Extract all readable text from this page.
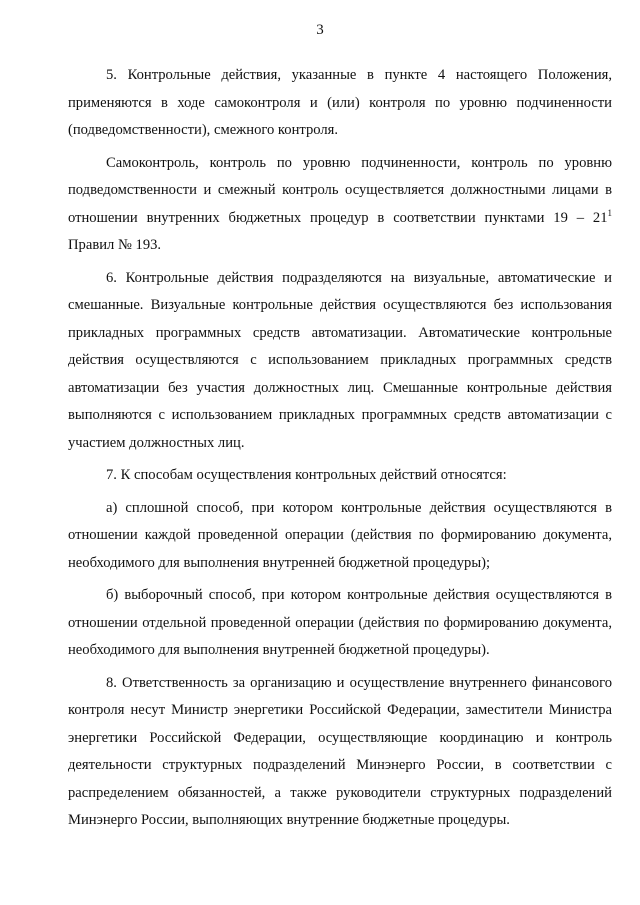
3

5. Контрольные действия, указанные в пункте 4 настоящего Положения, применяются в ходе самоконтроля и (или) контроля по уровню подчиненности (подведомственности), смежного контроля.

Самоконтроль, контроль по уровню подчиненности, контроль по уровню подведомственности и смежный контроль осуществляется должностными лицами в отношении внутренних бюджетных процедур в соответствии пунктами $19 - 21^1$ Правил № 193.

6. Контрольные действия подразделяются на визуальные, автоматические и смешанные. Визуальные контрольные действия осуществляются без использования прикладных программных средств автоматизации. Автоматические контрольные действия осуществляются с использованием прикладных программных средств автоматизации без участия должностных лиц. Смешанные контрольные действия выполняются с использованием прикладных программных средств автоматизации с участием должностных лиц.

7. К способам осуществления контрольных действий относятся:

а) сплошной способ, при котором контрольные действия осуществляются в отношении каждой проведенной операции (действия по формированию документа, необходимого для выполнения внутренней бюджетной процедуры);

б) выборочный способ, при котором контрольные действия осуществляются в отношении отдельной проведенной операции (действия по формированию документа, необходимого для выполнения внутренней бюджетной процедуры).

8. Ответственность за организацию и осуществление внутреннего финансового контроля несут Министр энергетики Российской Федерации, заместители Министра энергетики Российской Федерации, осуществляющие координацию и контроль деятельности структурных подразделений Минэнерго России, в соответствии с распределением обязанностей, а также руководители структурных подразделений Минэнерго России, выполняющих внутренние бюджетные процедуры.
